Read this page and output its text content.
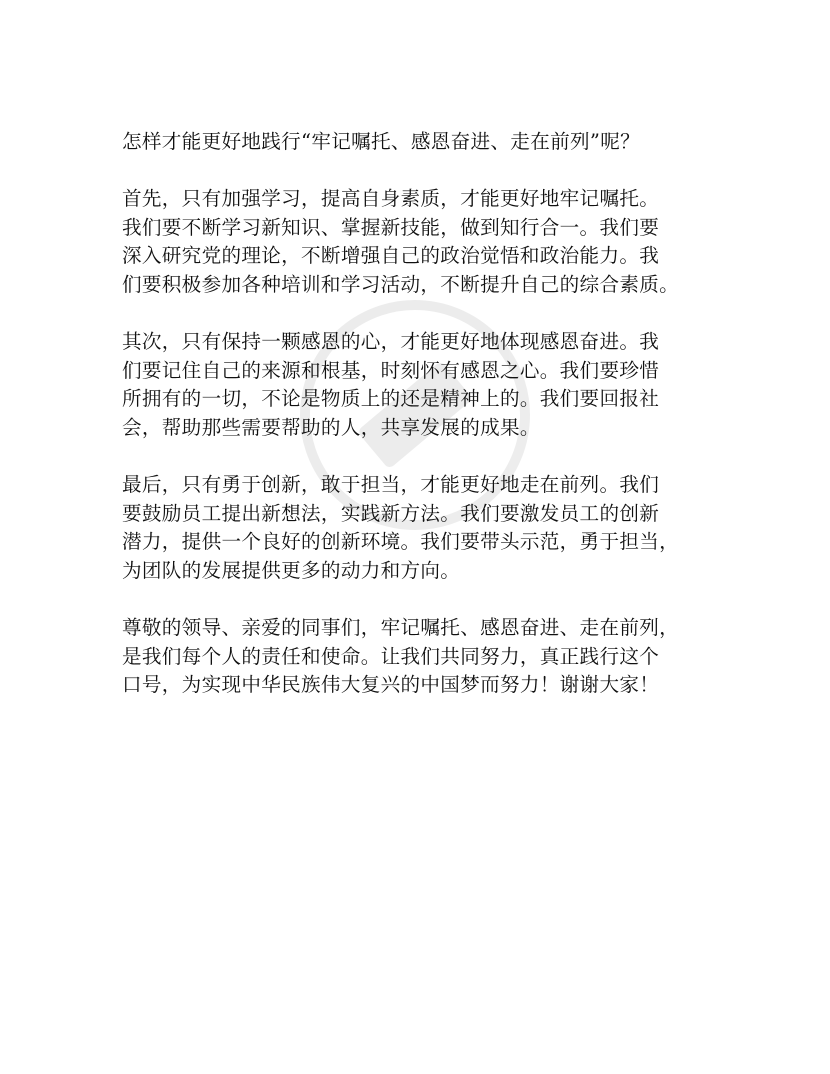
怎样才能更好地践行“牢记嘱托、感恩奋进、走在前列”呢？

首先，只有加强学习，提高自身素质，才能更好地牢记嘱托。
我们要不断学习新知识、掌握新技能，做到知行合一。我们要
深入研究党的理论，不断增强自己的政治觉悟和政治能力。我
们要积极参加各种培训和学习活动，不断提升自己的综合素质。

其次，只有保持一颗感恩的心，才能更好地体现感恩奋进。我
们要记住自己的来源和根基，时刻怀有感恩之心。我们要珍惜
所拥有的一切，不论是物质上的还是精神上的。我们要回报社
会，帮助那些需要帮助的人，共享发展的成果。

最后，只有勇于创新，敢于担当，才能更好地走在前列。我们
要鼓励员工提出新想法，实践新方法。我们要激发员工的创新
潜力，提供一个良好的创新环境。我们要带头示范，勇于担当，
为团队的发展提供更多的动力和方向。

尊敬的领导、亲爱的同事们，牢记嘱托、感恩奋进、走在前列，
是我们每个人的责任和使命。让我们共同努力，真正践行这个
口号，为实现中华民族伟大复兴的中国梦而努力！谢谢大家！
